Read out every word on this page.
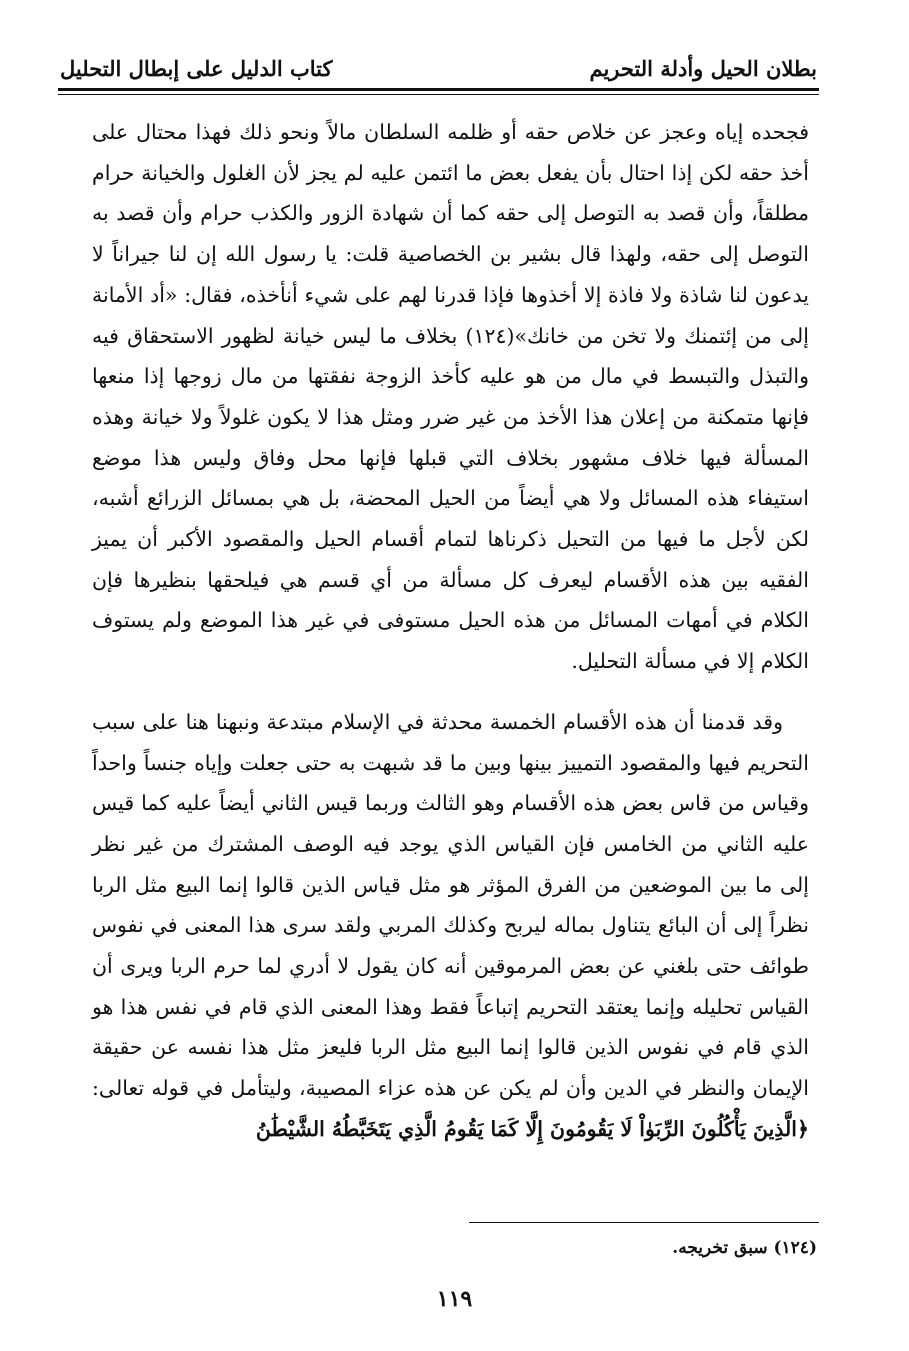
بطلان الحيل وأدلة التحريم
كتاب الدليل على إبطال التحليل

فجحده إياه وعجز عن خلاص حقه أو ظلمه السلطان مالاً ونحو ذلك فهذا محتال على أخذ حقه لكن إذا احتال بأن يفعل بعض ما ائتمن عليه لم يجز لأن الغلول والخيانة حرام مطلقاً، وأن قصد به التوصل إلى حقه كما أن شهادة الزور والكذب حرام وأن قصد به التوصل إلى حقه، ولهذا قال بشير بن الخصاصية قلت: يا رسول الله إن لنا جيراناً لا يدعون لنا شاذة ولا فاذة إلا أخذوها فإذا قدرنا لهم على شيء أنأخذه، فقال: «أد الأمانة إلى من إئتمنك ولا تخن من خانك»(١٢٤) بخلاف ما ليس خيانة لظهور الاستحقاق فيه والتبذل والتبسط في مال من هو عليه كأخذ الزوجة نفقتها من مال زوجها إذا منعها فإنها متمكنة من إعلان هذا الأخذ من غير ضرر ومثل هذا لا يكون غلولاً ولا خيانة وهذه المسألة فيها خلاف مشهور بخلاف التي قبلها فإنها محل وفاق وليس هذا موضع استيفاء هذه المسائل ولا هي أيضاً من الحيل المحضة، بل هي بمسائل الزرائع أشبه، لكن لأجل ما فيها من التحيل ذكرناها لتمام أقسام الحيل والمقصود الأكبر أن يميز الفقيه بين هذه الأقسام ليعرف كل مسألة من أي قسم هي فيلحقها بنظيرها فإن الكلام في أمهات المسائل من هذه الحيل مستوفى في غير هذا الموضع ولم يستوف الكلام إلا في مسألة التحليل.

وقد قدمنا أن هذه الأقسام الخمسة محدثة في الإسلام مبتدعة ونبهنا هنا على سبب التحريم فيها والمقصود التمييز بينها وبين ما قد شبهت به حتى جعلت وإياه جنساً واحداً وقياس من قاس بعض هذه الأقسام وهو الثالث وربما قيس الثاني أيضاً عليه كما قيس عليه الثاني من الخامس فإن القياس الذي يوجد فيه الوصف المشترك من غير نظر إلى ما بين الموضعين من الفرق المؤثر هو مثل قياس الذين قالوا إنما البيع مثل الربا نظراً إلى أن البائع يتناول بماله ليربح وكذلك المربي ولقد سرى هذا المعنى في نفوس طوائف حتى بلغني عن بعض المرموقين أنه كان يقول لا أدري لما حرم الربا ويرى أن القياس تحليله وإنما يعتقد التحريم إتباعاً فقط وهذا المعنى الذي قام في نفس هذا هو الذي قام في نفوس الذين قالوا إنما البيع مثل الربا فليعز مثل هذا نفسه عن حقيقة الإيمان والنظر في الدين وأن لم يكن عن هذه عزاء المصيبة، وليتأمل في قوله تعالى: ﴿الَّذِينَ يَأْكُلُونَ الرِّبَوٰاْ لَا يَقُومُونَ إِلَّا كَمَا يَقُومُ الَّذِي يَتَخَبَّطُهُ الشَّيْطَٰنُ

(١٢٤) سبق تخريجه.
١١٩
